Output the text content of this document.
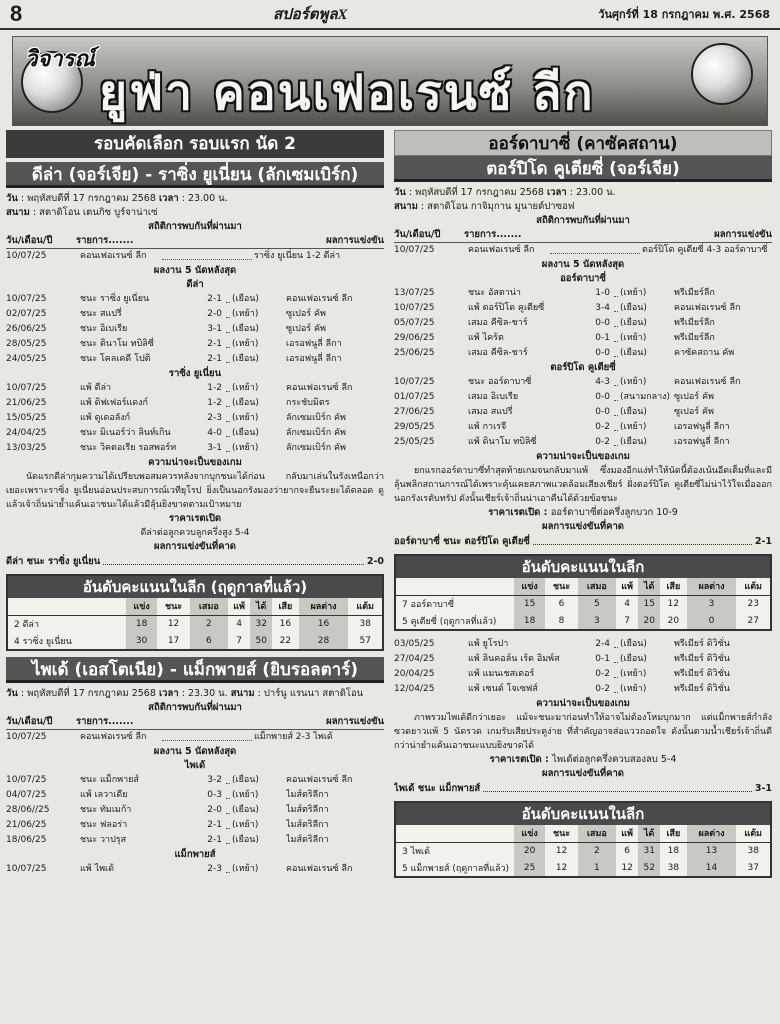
8	สปอร์ตพูลX	วันศุกร์ที่ 18 กรกฎาคม พ.ศ. 2568
วิจารณ์
ยูฟ่า คอนเฟอเรนซ์ ลีก
รอบคัดเลือก รอบแรก นัด 2
ดีล่า (จอร์เจีย) - ราซิ่ง ยูเนี่ยน (ลักเซมเบิร์ก)
วัน : พฤหัสบดีที่ 17 กรกฎาคม 2568 เวลา : 23.00 น.
สนาม : สตาดิโอน เตนกิซ บูร์จาน่าเซ่
สถิติการพบกันที่ผ่านมา
วัน/เดือน/ปี	รายการ.......	ผลการแข่งขัน
10/07/25	คอนเฟอเรนซ์ ลีก	ราซิ่ง ยูเนี่ยน 1-2 ดีล่า
ผลงาน 5 นัดหลังสุด
ดีล่า
10/07/25	ชนะ ราซิ่ง ยูเนี่ยน	2-1 (เยือน)	คอนเฟอเรนซ์ ลีก
02/07/25	ชนะ สแปรี่	2-0 (เหย้า)	ซูเปอร์ คัพ
26/06/25	ชนะ อิเบเรีย	3-1 (เยือน)	ซูเปอร์ คัพ
28/05/25	ชนะ ดินาโม ทบิลิซี่	2-1 (เหย้า)	เอรอฟนูลี่ ลีกา
24/05/25	ชนะ โคลเคดี โปติ	2-1 (เยือน)	เอรอฟนูลี่ ลีกา
ราซิ่ง ยูเนี่ยน
10/07/25	แพ้ ดีล่า	1-2 (เหย้า)	คอนเฟอเรนซ์ ลีก
21/06/25	แพ้ ดิฟเฟอร์แดงก์	1-2 (เยือน)	กระชับมิตร
15/05/25	แพ้ ดูเดอลังก์	2-3 (เหย้า)	ลักเซมเบิร์ก คัพ
24/04/25	ชนะ มิเนอร์ว่า ลินท์เกิน	4-0 (เยือน)	ลักเซมเบิร์ก คัพ
13/03/25	ชนะ วิคตอเรีย รอสพอร์ท	3-1 (เหย้า)	ลักเซมเบิร์ก คัพ
ความน่าจะเป็นของเกม
นัดแรกดีล่ากุมความได้เปรียบพอสมควรหลังจากบุกชนะได้ก่อน กลับมาเล่นในรังเหนือกว่าเยอะเพราะราซิ่ง ยูเนี่ยนอ่อนประสบการณ์เวทียุโรป ยิ่งเป็นนอกรังมองว่ายากจะยืนระยะได้ตลอด ดูแล้วเจ้าถิ่นน่าย้ำแค้นเอาชนะได้แล้วมีลุ้นยิงขาดตามเป้าหมาย
ราคาเรตเปิด
ดีล่าต่อลูกควบลูกครึ่งสูง 5-4
ผลการแข่งขันที่คาด
ดีล่า ชนะ ราซิ่ง ยูเนี่ยน	2-0
อันดับคะแนนในลีก (ฤดูกาลที่แล้ว)
	แข่ง	ชนะ	เสมอ	แพ้	ได้	เสีย	ผลต่าง	แต้ม
2 ดีล่า	18	12	2	4	32	16	16	38
4 ราซิ่ง ยูเนี่ยน	30	17	6	7	50	22	28	57
ไพเด้ (เอสโตเนีย) - แม็กพายส์ (ยิบรอลตาร์)
วัน : พฤหัสบดีที่ 17 กรกฎาคม 2568 เวลา : 23.30 น. สนาม : ปาร์นู แรนนา สตาดิโอน
สถิติการพบกันที่ผ่านมา
วัน/เดือน/ปี	รายการ.......	ผลการแข่งขัน
10/07/25	คอนเฟอเรนซ์ ลีก	แม็กพายส์ 2-3 ไพเด้
ผลงาน 5 นัดหลังสุด
ไพเด้
10/07/25	ชนะ แม็กพายส์	3-2 (เยือน)	คอนเฟอเรนซ์ ลีก
04/07/25	แพ้ เลวาเดีย	0-3 (เหย้า)	ไมส์ตริลีกา
28/06//25	ชนะ ทัมเมก้า	2-0 (เยือน)	ไมส์ตริลีกา
21/06/25	ชนะ ฟลอร่า	2-1 (เหย้า)	ไมส์ตริลีกา
18/06/25	ชนะ วาปรุส	2-1 (เยือน)	ไมส์ตริลีกา
แม็กพายส์
10/07/25	แพ้ ไพเด้	2-3 (เหย้า)	คอนเฟอเรนซ์ ลีก
ออร์ดาบาซี่ (คาซัคสถาน)
ตอร์ปิโด คูเตียซี่ (จอร์เจีย)
วัน : พฤหัสบดีที่ 17 กรกฎาคม 2568 เวลา : 23.00 น.
สนาม : สตาดิโอน กาจิมุกาน มูนายด์ปาซอฟ
สถิติการพบกันที่ผ่านมา
วัน/เดือน/ปี	รายการ.......	ผลการแข่งขัน
10/07/25	คอนเฟอเรนซ์ ลีก	ตอร์ปิโด คูเตียซี่ 4-3 ออร์ดาบาซี่
ผลงาน 5 นัดหลังสุด
ออร์ดาบาซี่
13/07/25	ชนะ อัสตาน่า	1-0 (เหย้า)	พรีเมียร์ลีก
10/07/25	แพ้ ตอร์ปิโด คูเตียซี่	3-4 (เยือน)	คอนเฟอเรนซ์ ลีก
05/07/25	เสมอ คีซิล-ชาร์	0-0 (เยือน)	พรีเมียร์ลีก
29/06/25	แพ้ ไคร้ต	0-1 (เหย้า)	พรีเมียร์ลีก
25/06/25	เสมอ คีซิล-ชาร์	0-0 (เยือน)	คาซัคสถาน คัพ
ตอร์ปิโด คูเตียซี่
10/07/25	ชนะ ออร์ดาบาซี่	4-3 (เหย้า)	คอนเฟอเรนซ์ ลีก
01/07/25	เสมอ อิเบเรีย	0-0 (สนามกลาง) ซูเปอร์ คัพ
27/06/25	เสมอ สแปรี่	0-0 (เยือน)	ซูเปอร์ คัพ
29/05/25	แพ้ กาเรจี	0-2 (เหย้า)	เอรอฟนูลี่ ลีกา
25/05/25	แพ้ ดินาโม ทบิลิซี่	0-2 (เยือน)	เอรอฟนูลี่ ลีกา
ความน่าจะเป็นของเกม
ยกแรกออร์ดาบาซี่ทำสุดท้ายเกมจนกลับมาแพ้ ซึ่งมองอีกแง่ทำให้นัดนี้ต้องเน้นอีดเต็มที่และมีลุ้นพลิกสถานการณ์ได้เพราะคุ้นเคยสภาพแวดล้อมเสียงเชียร์ ฝั่งตอร์ปิโด คูเตียซี่ไม่น่าไว้ใจเมื่อออกนอกรังเรตับทรัป ดังนั้นเชียร์เจ้าถิ่นน่าเอาคืนได้ด้วยข้อชนะ
ราคาเรตเปิด : ออร์ดาบาซี่ต่อครึ่งลูกบวก 10-9
ผลการแข่งขันที่คาด
ออร์ดาบาซี่ ชนะ ตอร์ปิโด คูเตียซี่	2-1
อันดับคะแนนในลีก
	แข่ง	ชนะ	เสมอ	แพ้	ได้	เสีย	ผลต่าง	แต้ม
7 ออร์ดาบาซี่	15	6	5	4	15	12	3	23
5 คูเตียซี่ (ฤดูกาลที่แล้ว)	18	8	3	7	20	20	0	27
03/05/25	แพ้ ยูโรปา	2-4 (เยือน)	พรีเมียร์ ดิวิชั่น
27/04/25	แพ้ ลินคอล์น เร้ด อิมพ์ส	0-1 (เยือน)	พรีเมียร์ ดิวิชั่น
20/04/25	แพ้ แมนเชสเตอร์	0-2 (เหย้า)	พรีเมียร์ ดิวิชั่น
12/04/25	แพ้ เซนต์ โจเซฟส์	0-2 (เหย้า)	พรีเมียร์ ดิวิชั่น
ความน่าจะเป็นของเกม
ภาพรวมไพเด้ดีกว่าเยอะ แม้จะชนะมาก่อนทำให้อาจไม่ต้องโหมบุกมาก แต่แม็กพายส์กำลังซวดยาวแพ้ 5 นัดรวด เกมรับเสียประตูง่าย ที่สำคัญอาจส่อแววถอดใจ ดังนั้นตามน้ำเชียร์เจ้าถิ่นดีกว่าน่ายำแค้นเอาชนะแบบยิงขาดได้
ราคาเรตเปิด : ไพเด้ต่อลูกครึ่งควบสองลบ 5-4
ผลการแข่งขันที่คาด
ไพเด้ ชนะ แม็กพายส์	3-1
อันดับคะแนนในลีก
	แข่ง	ชนะ	เสมอ	แพ้	ได้	เสีย	ผลต่าง	แต้ม
3 ไพเด้	20	12	2	6	31	18	13	38
5 แม็กพายส์ (ฤดูกาลที่แล้ว)	25	12	1	12	52	38	14	37
